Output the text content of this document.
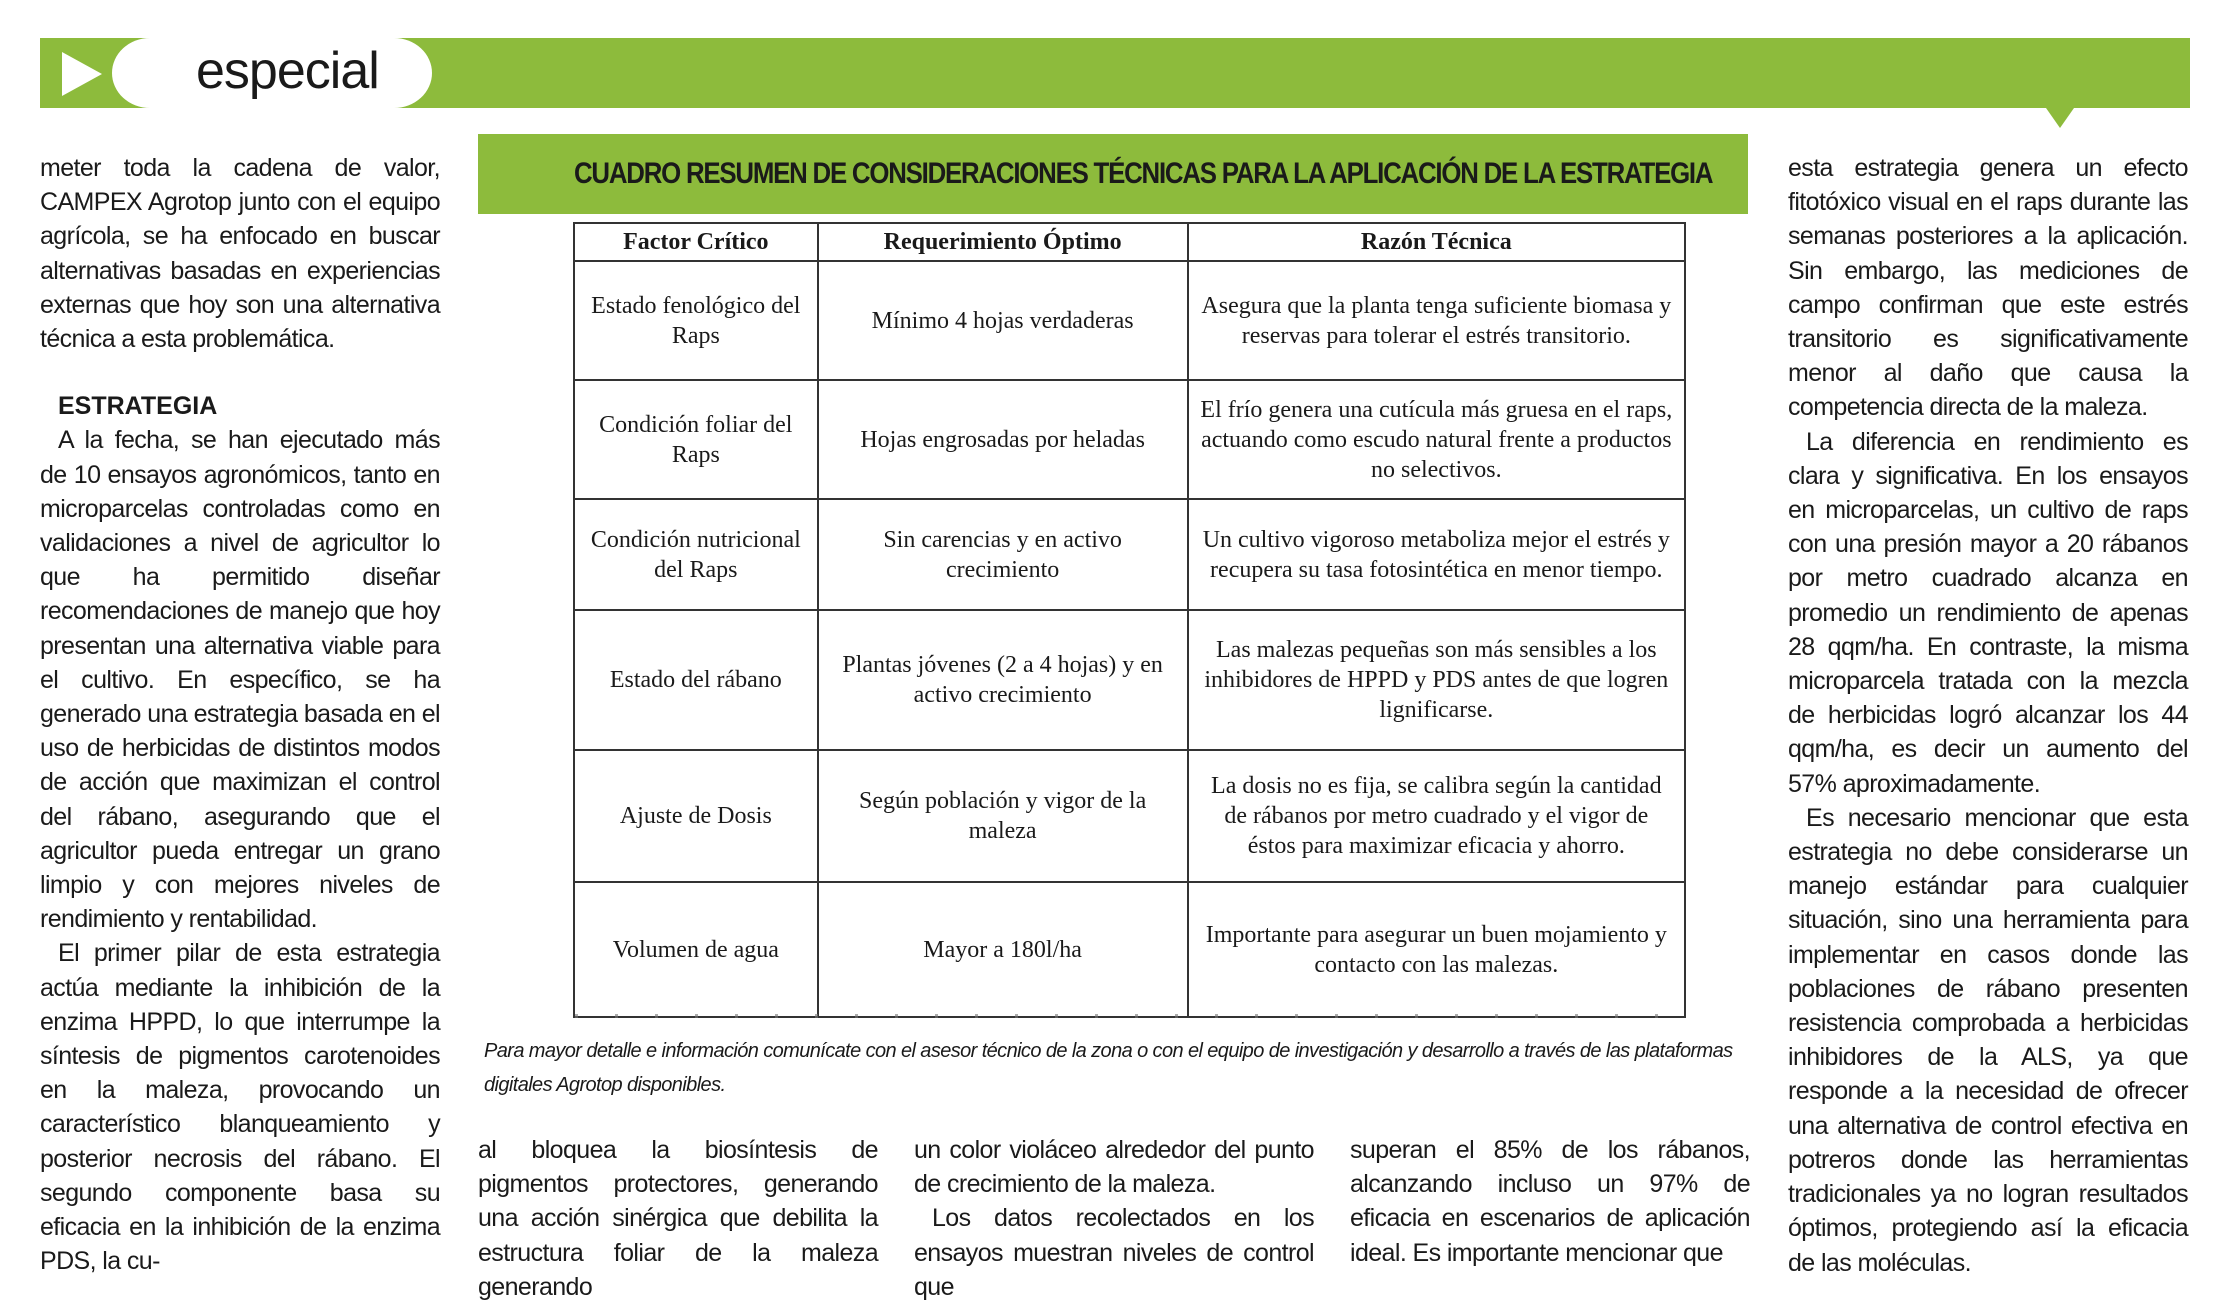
especial

meter toda la cadena de valor, CAMPEX Agrotop junto con el equipo agrícola, se ha enfocado en buscar alternativas basadas en experiencias externas que hoy son una alternativa técnica a esta problemática.

ESTRATEGIA

A la fecha, se han ejecutado más de 10 ensayos agronómicos, tanto en microparcelas controladas como en validaciones a nivel de agricultor lo que ha permitido diseñar recomendaciones de manejo que hoy presentan una alternativa viable para el cultivo. En específico, se ha generado una estrategia basada en el uso de herbicidas de distintos modos de acción que maximizan el control del rábano, asegurando que el agricultor pueda entregar un grano limpio y con mejores niveles de rendimiento y rentabilidad.

El primer pilar de esta estrategia actúa mediante la inhibición de la enzima HPPD, lo que interrumpe la síntesis de pigmentos carotenoides en la maleza, provocando un característico blanqueamiento y posterior necrosis del rábano. El segundo componente basa su eficacia en la inhibición de la enzima PDS, la cu-

CUADRO RESUMEN DE CONSIDERACIONES TÉCNICAS PARA LA APLICACIÓN DE LA ESTRATEGIA
Factor Crítico	Requerimiento Óptimo	Razón Técnica
Estado fenológico del Raps	Mínimo 4 hojas verdaderas	Asegura que la planta tenga suficiente biomasa y reservas para tolerar el estrés transitorio.
Condición foliar del Raps	Hojas engrosadas por heladas	El frío genera una cutícula más gruesa en el raps, actuando como escudo natural frente a productos no selectivos.
Condición nutricional del Raps	Sin carencias y en activo crecimiento	Un cultivo vigoroso metaboliza mejor el estrés y recupera su tasa fotosintética en menor tiempo.
Estado del rábano	Plantas jóvenes (2 a 4 hojas) y en activo crecimiento	Las malezas pequeñas son más sensibles a los inhibidores de HPPD y PDS antes de que logren lignificarse.
Ajuste de Dosis	Según población y vigor de la maleza	La dosis no es fija, se calibra según la cantidad de rábanos por metro cuadrado y el vigor de éstos para maximizar eficacia y ahorro.
Volumen de agua	Mayor a 180l/ha	Importante para asegurar un buen mojamiento y contacto con las malezas.
Para mayor detalle e información comunícate con el asesor técnico de la zona o con el equipo de investigación y desarrollo a través de las plataformas digitales Agrotop disponibles.

al bloquea la biosíntesis de pigmentos protectores, generando una acción sinérgica que debilita la estructura foliar de la maleza generando

un color violáceo alrededor del punto de crecimiento de la maleza.

Los datos recolectados en los ensayos muestran niveles de control que

superan el 85% de los rábanos, alcanzando incluso un 97% de eficacia en escenarios de aplicación ideal. Es importante mencionar que

esta estrategia genera un efecto fitotóxico visual en el raps durante las semanas posteriores a la aplicación. Sin embargo, las mediciones de campo confirman que este estrés transitorio es significativamente menor al daño que causa la competencia directa de la maleza.

La diferencia en rendimiento es clara y significativa. En los ensayos en microparcelas, un cultivo de raps con una presión mayor a 20 rábanos por metro cuadrado alcanza en promedio un rendimiento de apenas 28 qqm/ha. En contraste, la misma microparcela tratada con la mezcla de herbicidas logró alcanzar los 44 qqm/ha, es decir un aumento del 57% aproximadamente.

Es necesario mencionar que esta estrategia no debe considerarse un manejo estándar para cualquier situación, sino una herramienta para implementar en casos donde las poblaciones de rábano presenten resistencia comprobada a herbicidas inhibidores de la ALS, ya que responde a la necesidad de ofrecer una alternativa de control efectiva en potreros donde las herramientas tradicionales ya no logran resultados óptimos, protegiendo así la eficacia de las moléculas.
